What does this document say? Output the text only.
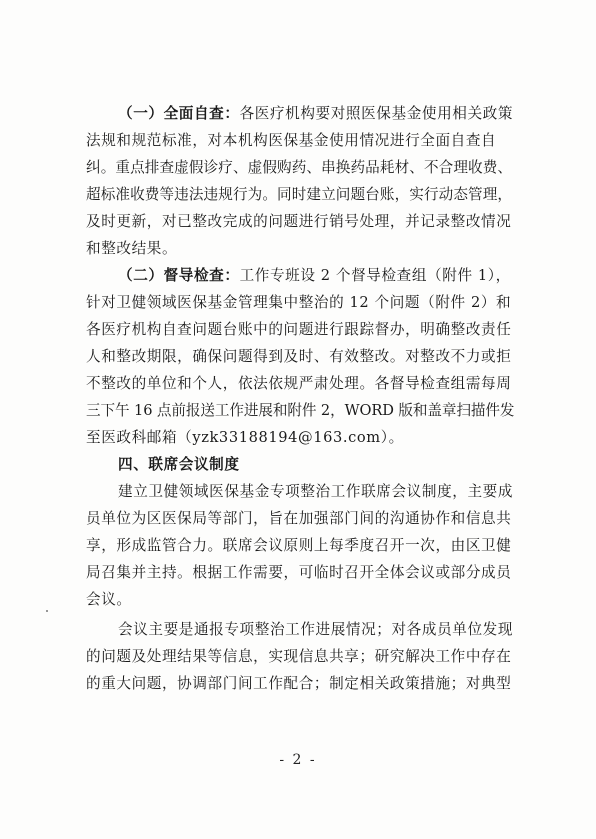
（一）全面自查：各医疗机构要对照医保基金使用相关政策
法规和规范标准，对本机构医保基金使用情况进行全面自查自
纠。重点排查虚假诊疗、虚假购药、串换药品耗材、不合理收费、
超标准收费等违法违规行为。同时建立问题台账，实行动态管理，
及时更新，对已整改完成的问题进行销号处理，并记录整改情况
和整改结果。

（二）督导检查：工作专班设 2 个督导检查组（附件 1），
针对卫健领域医保基金管理集中整治的 12 个问题（附件 2）和
各医疗机构自查问题台账中的问题进行跟踪督办，明确整改责任
人和整改期限，确保问题得到及时、有效整改。对整改不力或拒
不整改的单位和个人，依法依规严肃处理。各督导检查组需每周
三下午 16 点前报送工作进展和附件 2，WORD 版和盖章扫描件发
至医政科邮箱（yzk33188194@163.com）。

四、联席会议制度

建立卫健领域医保基金专项整治工作联席会议制度，主要成
员单位为区医保局等部门，旨在加强部门间的沟通协作和信息共
享，形成监管合力。联席会议原则上每季度召开一次，由区卫健
局召集并主持。根据工作需要，可临时召开全体会议或部分成员
会议。

会议主要是通报专项整治工作进展情况；对各成员单位发现
的问题及处理结果等信息，实现信息共享；研究解决工作中存在
的重大问题，协调部门间工作配合；制定相关政策措施；对典型

- 2 -
